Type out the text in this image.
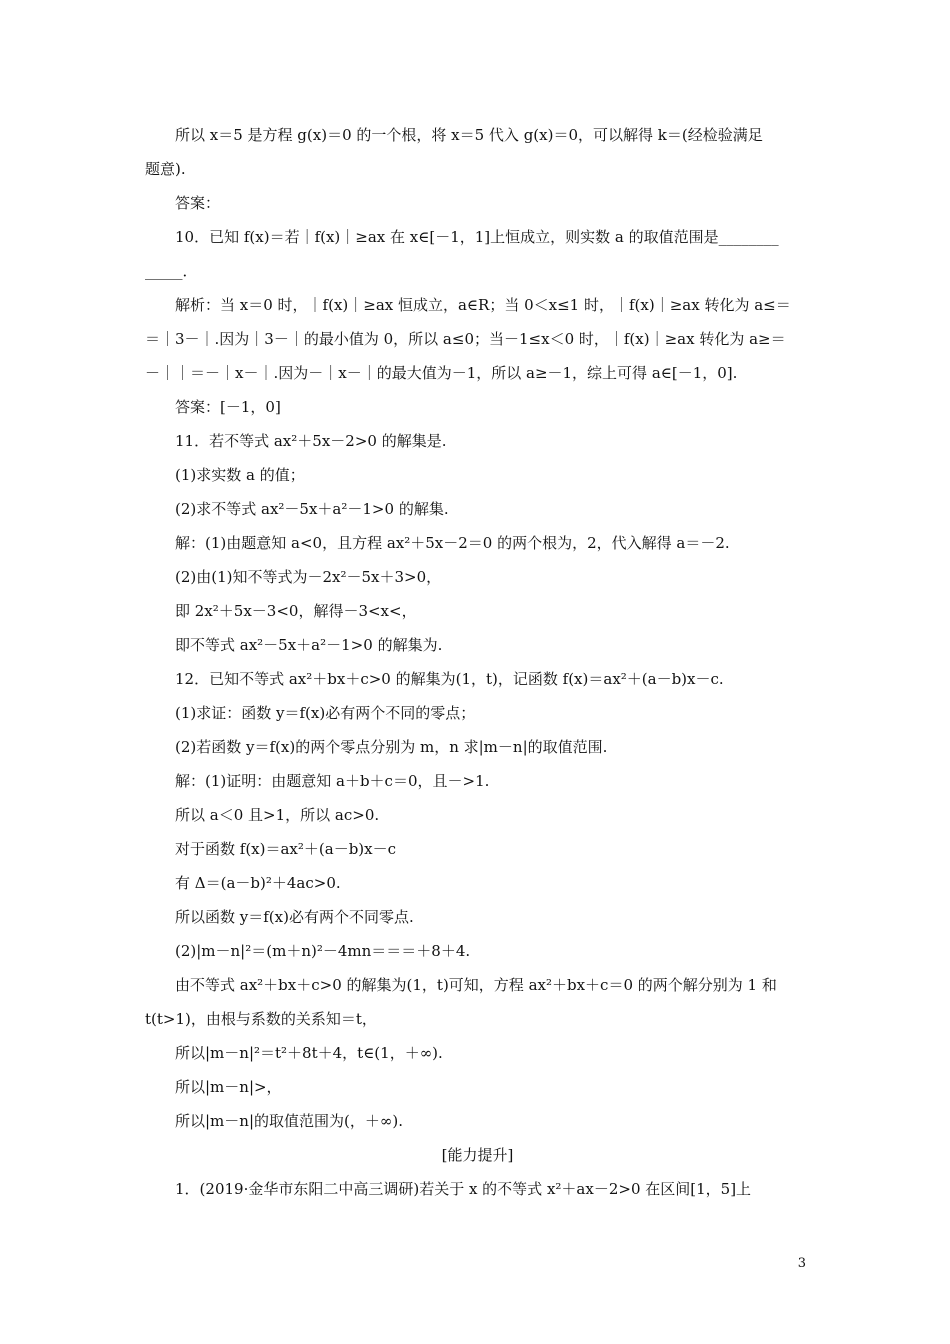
所以 x＝5 是方程 g(x)＝0 的一个根，将 x＝5 代入 g(x)＝0，可以解得 k＝(经检验满足
题意).
答案：
10．已知 f(x)＝若｜f(x)｜≥ax 在 x∈[－1，1]上恒成立，则实数 a 的取值范围是________
_____．
解析：当 x＝0 时，｜f(x)｜≥ax 恒成立，a∈R；当 0＜x≤1 时，｜f(x)｜≥ax 转化为 a≤＝
＝｜3－｜.因为｜3－｜的最小值为 0，所以 a≤0；当－1≤x＜0 时，｜f(x)｜≥ax 转化为 a≥＝
－｜｜＝－｜x－｜.因为－｜x－｜的最大值为－1，所以 a≥－1，综上可得 a∈[－1，0].
答案：[－1，0]
11．若不等式 ax²＋5x－2>0 的解集是.
(1)求实数 a 的值；
(2)求不等式 ax²－5x＋a²－1>0 的解集.
解：(1)由题意知 a<0，且方程 ax²＋5x－2＝0 的两个根为，2，代入解得 a＝－2.
(2)由(1)知不等式为－2x²－5x＋3>0，
即 2x²＋5x－3<0，解得－3<x<，
即不等式 ax²－5x＋a²－1>0 的解集为.
12．已知不等式 ax²＋bx＋c>0 的解集为(1，t)，记函数 f(x)＝ax²＋(a－b)x－c.
(1)求证：函数 y＝f(x)必有两个不同的零点；
(2)若函数 y＝f(x)的两个零点分别为 m，n 求|m－n|的取值范围.
解：(1)证明：由题意知 a＋b＋c＝0，且－>1.
所以 a＜0 且>1，所以 ac>0.
对于函数 f(x)＝ax²＋(a－b)x－c
有 Δ＝(a－b)²＋4ac>0.
所以函数 y＝f(x)必有两个不同零点.
(2)|m－n|²＝(m＋n)²－4mn＝＝＝＋8＋4.
由不等式 ax²＋bx＋c>0 的解集为(1，t)可知，方程 ax²＋bx＋c＝0 的两个解分别为 1 和
t(t>1)，由根与系数的关系知＝t，
所以|m－n|²＝t²＋8t＋4，t∈(1，＋∞).
所以|m－n|>，
所以|m－n|的取值范围为(，＋∞).
[能力提升]
1．(2019·金华市东阳二中高三调研)若关于 x 的不等式 x²＋ax－2>0 在区间[1，5]上
3
